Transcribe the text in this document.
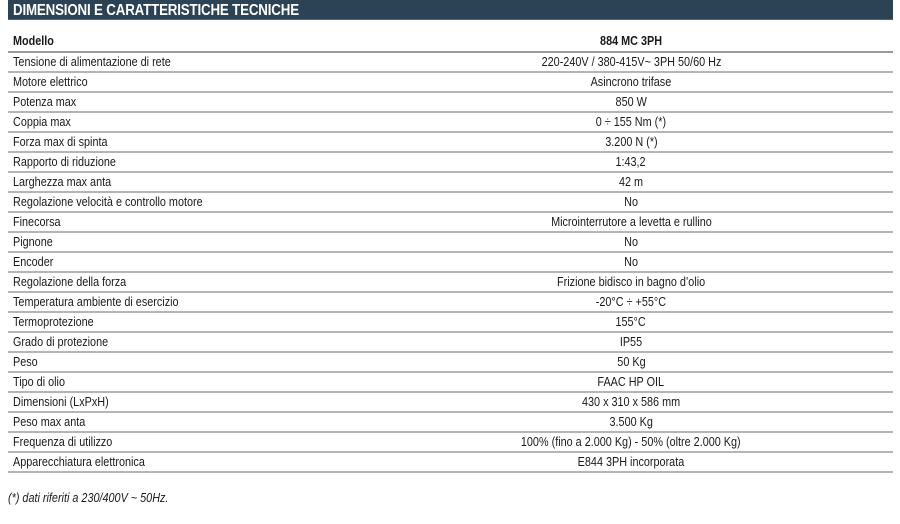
DIMENSIONI E CARATTERISTICHE TECNICHE
Modello	884 MC 3PH
Tensione di alimentazione di rete	220-240V / 380-415V~ 3PH 50/60 Hz
Motore elettrico	Asincrono trifase
Potenza max	850 W
Coppia max	0 ÷ 155 Nm (*)
Forza max di spinta	3.200 N (*)
Rapporto di riduzione	1:43,2
Larghezza max anta	42 m
Regolazione velocità e controllo motore	No
Finecorsa	Microinterrutore a levetta e rullino
Pignone	No
Encoder	No
Regolazione della forza	Frizione bidisco in bagno d’olio
Temperatura ambiente di esercizio	-20°C ÷ +55°C
Termoprotezione	155°C
Grado di protezione	IP55
Peso	50 Kg
Tipo di olio	FAAC HP OIL
Dimensioni (LxPxH)	430 x 310 x 586 mm
Peso max anta	3.500 Kg
Frequenza di utilizzo	100% (fino a 2.000 Kg) - 50% (oltre 2.000 Kg)
Apparecchiatura elettronica	E844 3PH incorporata
(*) dati riferiti a 230/400V ~ 50Hz.
